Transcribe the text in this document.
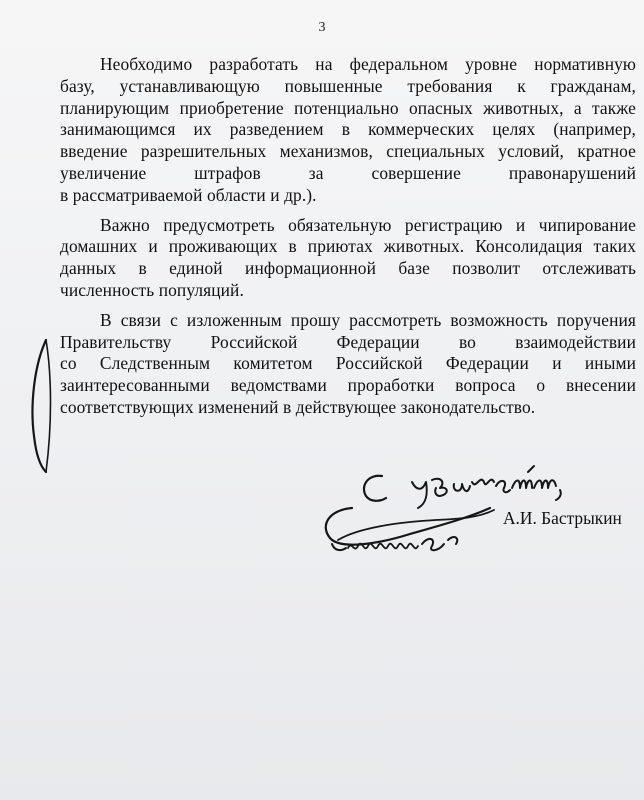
3

Необходимо разработать на федеральном уровне нормативную
базу, устанавливающую повышенные требования к гражданам,
планирующим приобретение потенциально опасных животных, а также
занимающимся их разведением в коммерческих целях (например,
введение разрешительных механизмов, специальных условий, кратное
увеличение штрафов за совершение правонарушений
в рассматриваемой области и др.).

Важно предусмотреть обязательную регистрацию и чипирование
домашних и проживающих в приютах животных. Консолидация таких
данных в единой информационной базе позволит отслеживать
численность популяций.

В связи с изложенным прошу рассмотреть возможность поручения
Правительству Российской Федерации во взаимодействии
со Следственным комитетом Российской Федерации и иными
заинтересованными ведомствами проработки вопроса о внесении
соответствующих изменений в действующее законодательство.

А.И. Бастрыкин
